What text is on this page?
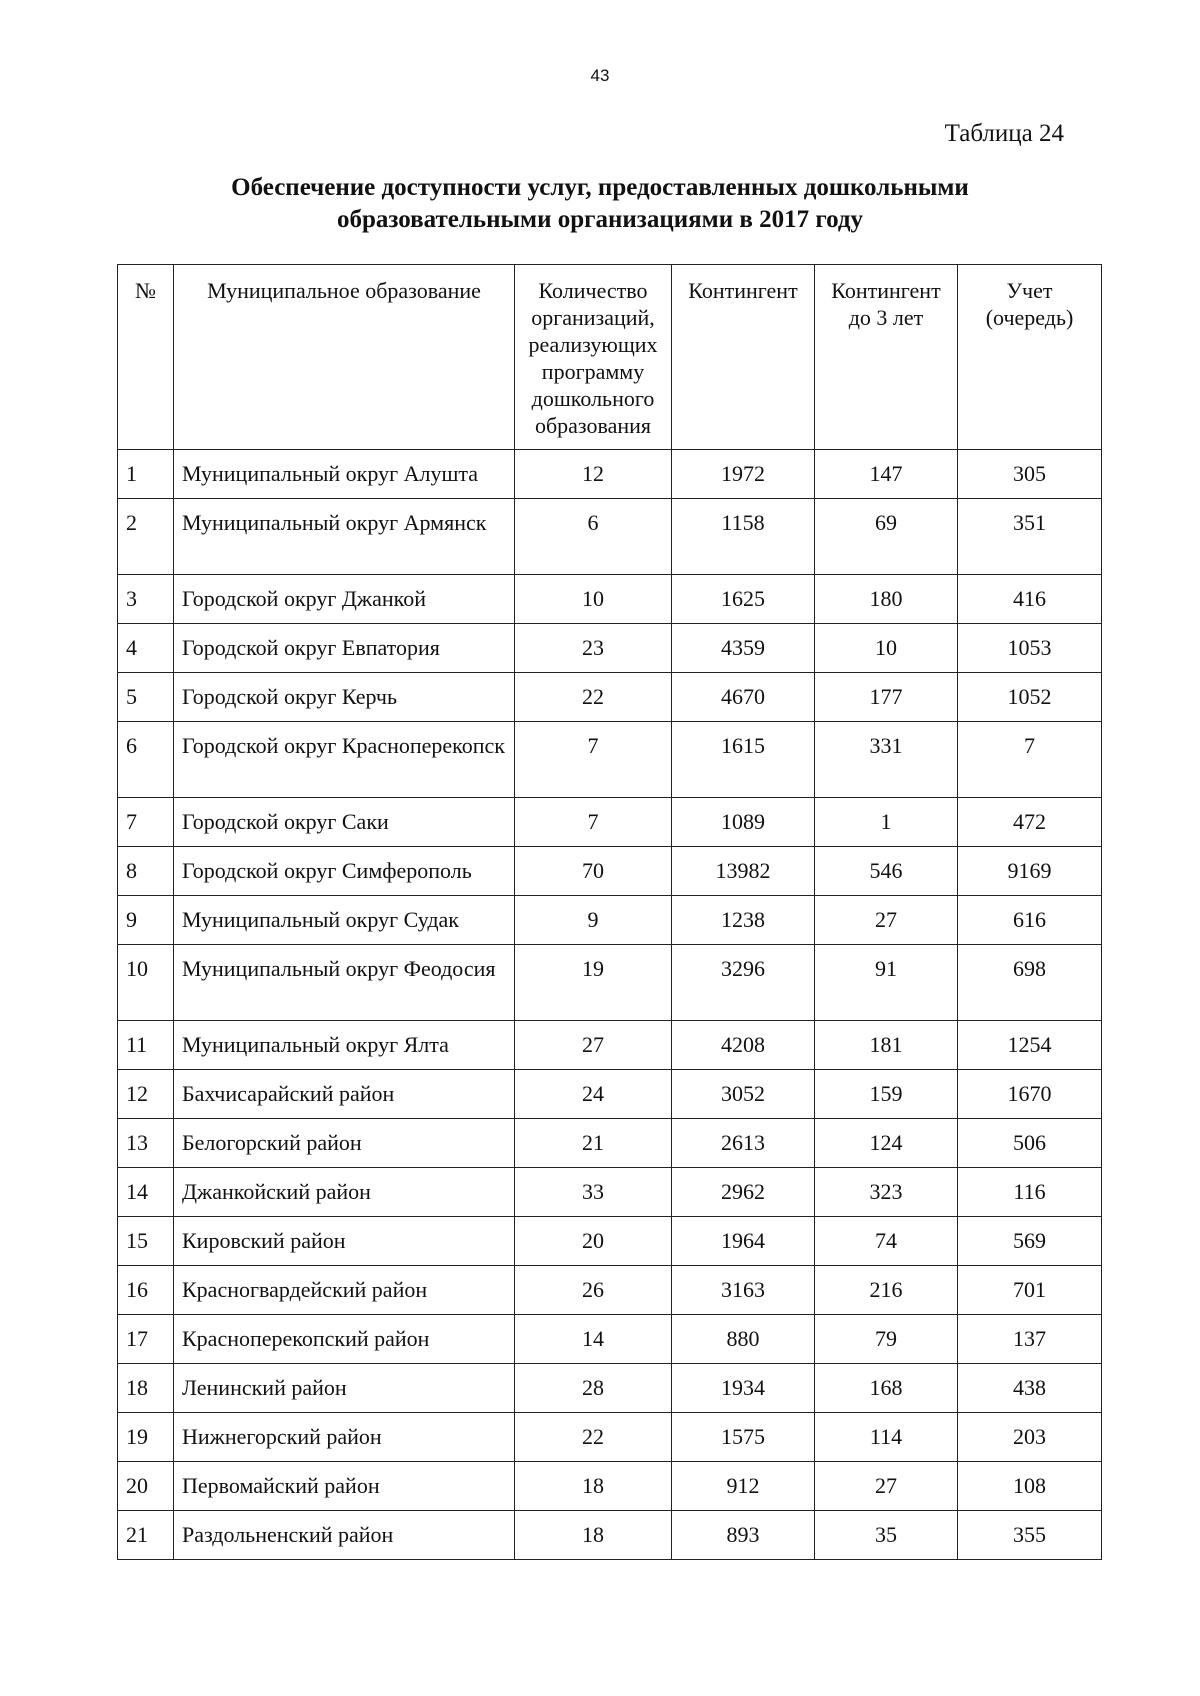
43
Таблица 24
Обеспечение доступности услуг, предоставленных дошкольными
образовательными организациями в 2017 году
№	Муниципальное образование	Количество организаций, реализующих программу дошкольного образования	Контингент	Контингент до 3 лет	Учет (очередь)
1	Муниципальный округ Алушта	12	1972	147	305
2	Муниципальный округ Армянск	6	1158	69	351
3	Городской округ Джанкой	10	1625	180	416
4	Городской округ Евпатория	23	4359	10	1053
5	Городской округ Керчь	22	4670	177	1052
6	Городской округ Красноперекопск	7	1615	331	7
7	Городской округ Саки	7	1089	1	472
8	Городской округ Симферополь	70	13982	546	9169
9	Муниципальный округ Судак	9	1238	27	616
10	Муниципальный округ Феодосия	19	3296	91	698
11	Муниципальный округ Ялта	27	4208	181	1254
12	Бахчисарайский район	24	3052	159	1670
13	Белогорский район	21	2613	124	506
14	Джанкойский район	33	2962	323	116
15	Кировский район	20	1964	74	569
16	Красногвардейский район	26	3163	216	701
17	Красноперекопский район	14	880	79	137
18	Ленинский район	28	1934	168	438
19	Нижнегорский район	22	1575	114	203
20	Первомайский район	18	912	27	108
21	Раздольненский район	18	893	35	355
